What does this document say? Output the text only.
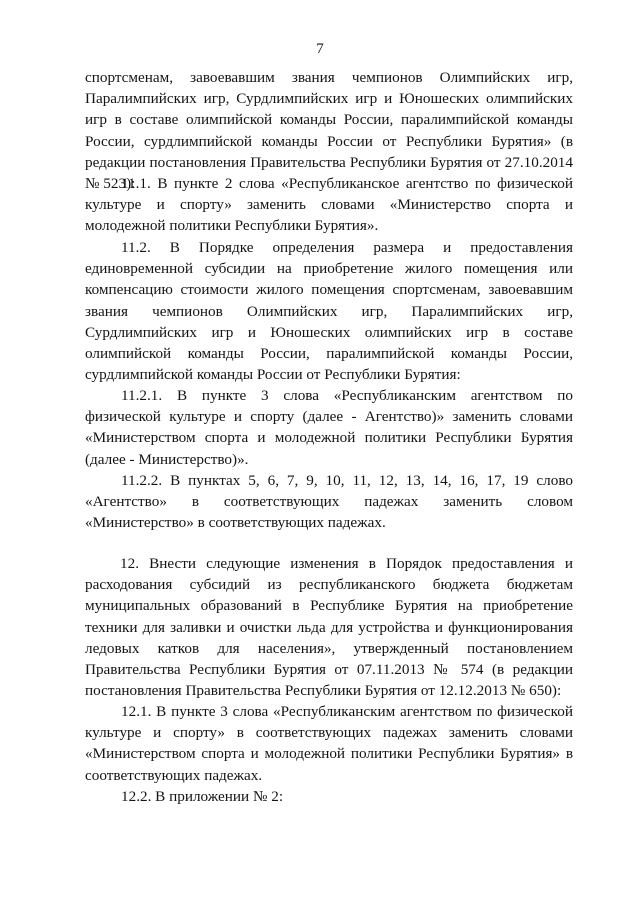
7

спортсменам, завоевавшим звания чемпионов Олимпийских игр, Паралимпийских игр, Сурдлимпийских игр и Юношеских олимпийских игр в составе олимпийской команды России, паралимпийской команды России, сурдлимпийской команды России от Республики Бурятия» (в редакции постановления Правительства Республики Бурятия от 27.10.2014 № 523):

11.1. В пункте 2 слова «Республиканское агентство по физической культуре и спорту» заменить словами «Министерство спорта и молодежной политики Республики Бурятия».

11.2. В Порядке определения размера и предоставления единовременной субсидии на приобретение жилого помещения или компенсацию стоимости жилого помещения спортсменам, завоевавшим звания чемпионов Олимпийских игр, Паралимпийских игр, Сурдлимпийских игр и Юношеских олимпийских игр в составе олимпийской команды России, паралимпийской команды России, сурдлимпийской команды России от Республики Бурятия:

11.2.1. В пункте 3 слова «Республиканским агентством по физической культуре и спорту (далее - Агентство)» заменить словами «Министерством спорта и молодежной политики Республики Бурятия (далее - Министерство)».

11.2.2. В пунктах 5, 6, 7, 9, 10, 11, 12, 13, 14, 16, 17, 19 слово «Агентство» в соответствующих падежах заменить словом «Министерство» в соответствующих падежах.

12. Внести следующие изменения в Порядок предоставления и расходования субсидий из республиканского бюджета бюджетам муниципальных образований в Республике Бурятия на приобретение техники для заливки и очистки льда для устройства и функционирования ледовых катков для населения», утвержденный постановлением Правительства Республики Бурятия от 07.11.2013 № 574 (в редакции постановления Правительства Республики Бурятия от 12.12.2013 № 650):

12.1. В пункте 3 слова «Республиканским агентством по физической культуре и спорту» в соответствующих падежах заменить словами «Министерством спорта и молодежной политики Республики Бурятия» в соответствующих падежах.

12.2. В приложении № 2:
